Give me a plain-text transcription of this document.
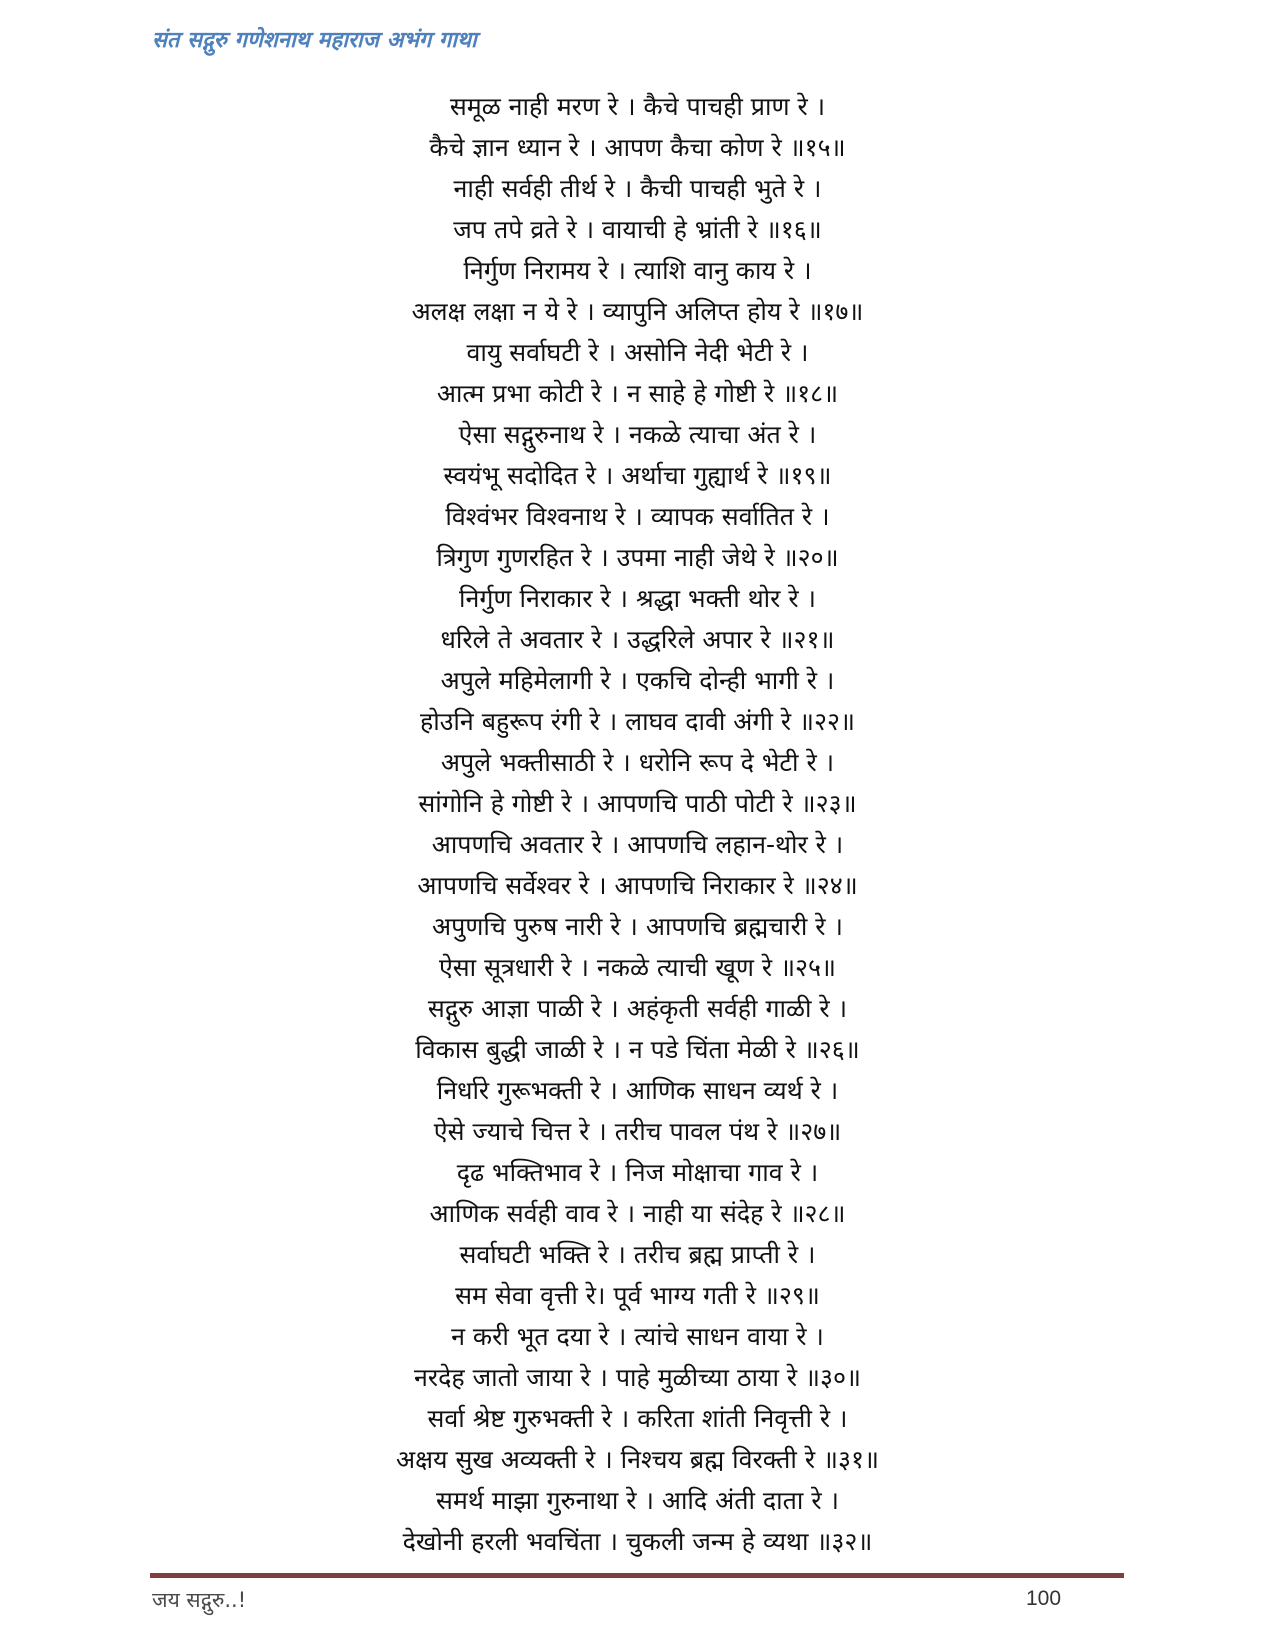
संत सद्गुरु गणेशनाथ महाराज अभंग गाथा
समूळ नाही मरण रे । कैचे पाचही प्राण रे ।
कैचे ज्ञान ध्यान रे । आपण कैचा कोण रे ॥१५॥
नाही सर्वही तीर्थ रे । कैची पाचही भुते रे ।
जप तपे व्रते रे । वायाची हे भ्रांती रे ॥१६॥
निर्गुण निरामय रे । त्याशि वानु काय रे ।
अलक्ष लक्षा न ये रे । व्यापुनि अलिप्त होय रे ॥१७॥
वायु सर्वाघटी रे । असोनि नेदी भेटी रे ।
आत्म प्रभा कोटी रे । न साहे हे गोष्टी रे ॥१८॥
ऐसा सद्गुरुनाथ रे । नकळे त्याचा अंत रे ।
स्वयंभू सदोदित रे । अर्थाचा गुह्यार्थ रे ॥१९॥
विश्वंभर विश्वनाथ रे । व्यापक सर्वातित रे ।
त्रिगुण गुणरहित रे । उपमा नाही जेथे रे ॥२०॥
निर्गुण निराकार रे । श्रद्धा भक्ती थोर रे ।
धरिले ते अवतार रे । उद्धरिले अपार रे ॥२१॥
अपुले महिमेलागी रे । एकचि दोन्ही भागी रे ।
होउनि बहुरूप रंगी रे । लाघव दावी अंगी रे ॥२२॥
अपुले भक्तीसाठी रे । धरोनि रूप दे भेटी रे ।
सांगोनि हे गोष्टी रे । आपणचि पाठी पोटी रे ॥२३॥
आपणचि अवतार रे । आपणचि लहान-थोर रे ।
आपणचि सर्वेश्वर रे । आपणचि निराकार रे ॥२४॥
अपुणचि पुरुष नारी रे । आपणचि ब्रह्मचारी रे ।
ऐसा सूत्रधारी रे । नकळे त्याची खूण रे ॥२५॥
सद्गुरु आज्ञा पाळी रे । अहंकृती सर्वही गाळी रे ।
विकास बुद्धी जाळी रे । न पडे चिंता मेळी रे ॥२६॥
निर्धारे गुरूभक्ती रे । आणिक साधन व्यर्थ रे ।
ऐसे ज्याचे चित्त रे । तरीच पावल पंथ रे ॥२७॥
दृढ भक्तिभाव रे । निज मोक्षाचा गाव रे ।
आणिक सर्वही वाव रे । नाही या संदेह रे ॥२८॥
सर्वाघटी भक्ति रे । तरीच ब्रह्म प्राप्ती रे ।
सम सेवा वृत्ती रे। पूर्व भाग्य गती रे ॥२९॥
न करी भूत दया रे । त्यांचे साधन वाया रे ।
नरदेह जातो जाया रे । पाहे मुळीच्या ठाया रे ॥३०॥
सर्वा श्रेष्ट गुरुभक्ती रे । करिता शांती निवृत्ती रे ।
अक्षय सुख अव्यक्ती रे । निश्चय ब्रह्म विरक्ती रे ॥३१॥
समर्थ माझा गुरुनाथा रे । आदि अंती दाता रे ।
देखोनी हरली भवचिंता । चुकली जन्म हे व्यथा ॥३२॥
जय सद्गुरु..!	100
